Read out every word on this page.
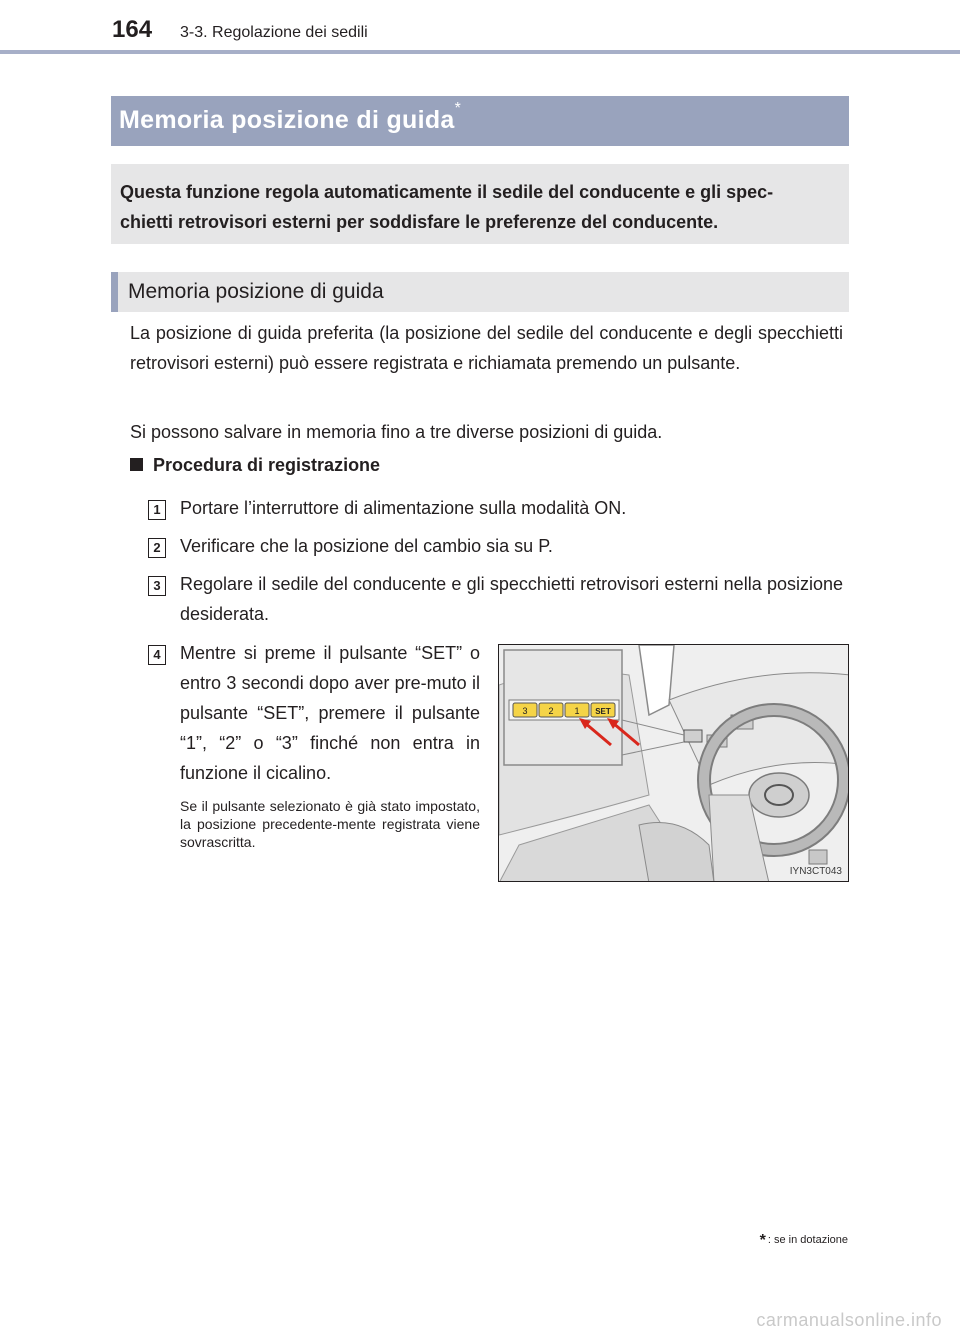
164 3-3. Regolazione dei sedili
Memoria posizione di guida*
Questa funzione regola automaticamente il sedile del conducente e gli spec-
chietti retrovisori esterni per soddisfare le preferenze del conducente.
Memoria posizione di guida
La posizione di guida preferita (la posizione del sedile del conducente e degli specchietti retrovisori esterni) può essere registrata e richiamata premendo un pulsante.
Si possono salvare in memoria fino a tre diverse posizioni di guida.
Procedura di registrazione
1 Portare l’interruttore di alimentazione sulla modalità ON.
2 Verificare che la posizione del cambio sia su P.
3 Regolare il sedile del conducente e gli specchietti retrovisori esterni nella posizione desiderata.
4 Mentre si preme il pulsante “SET” o entro 3 secondi dopo aver pre-muto il pulsante “SET”, premere il pulsante “1”, “2” o “3” finché non entra in funzione il cicalino.
Se il pulsante selezionato è già stato impostato, la posizione precedente-mente registrata viene sovrascritta.
3 2 1 SET
IYN3CT043
* : se in dotazione
carmanualsonline.info
